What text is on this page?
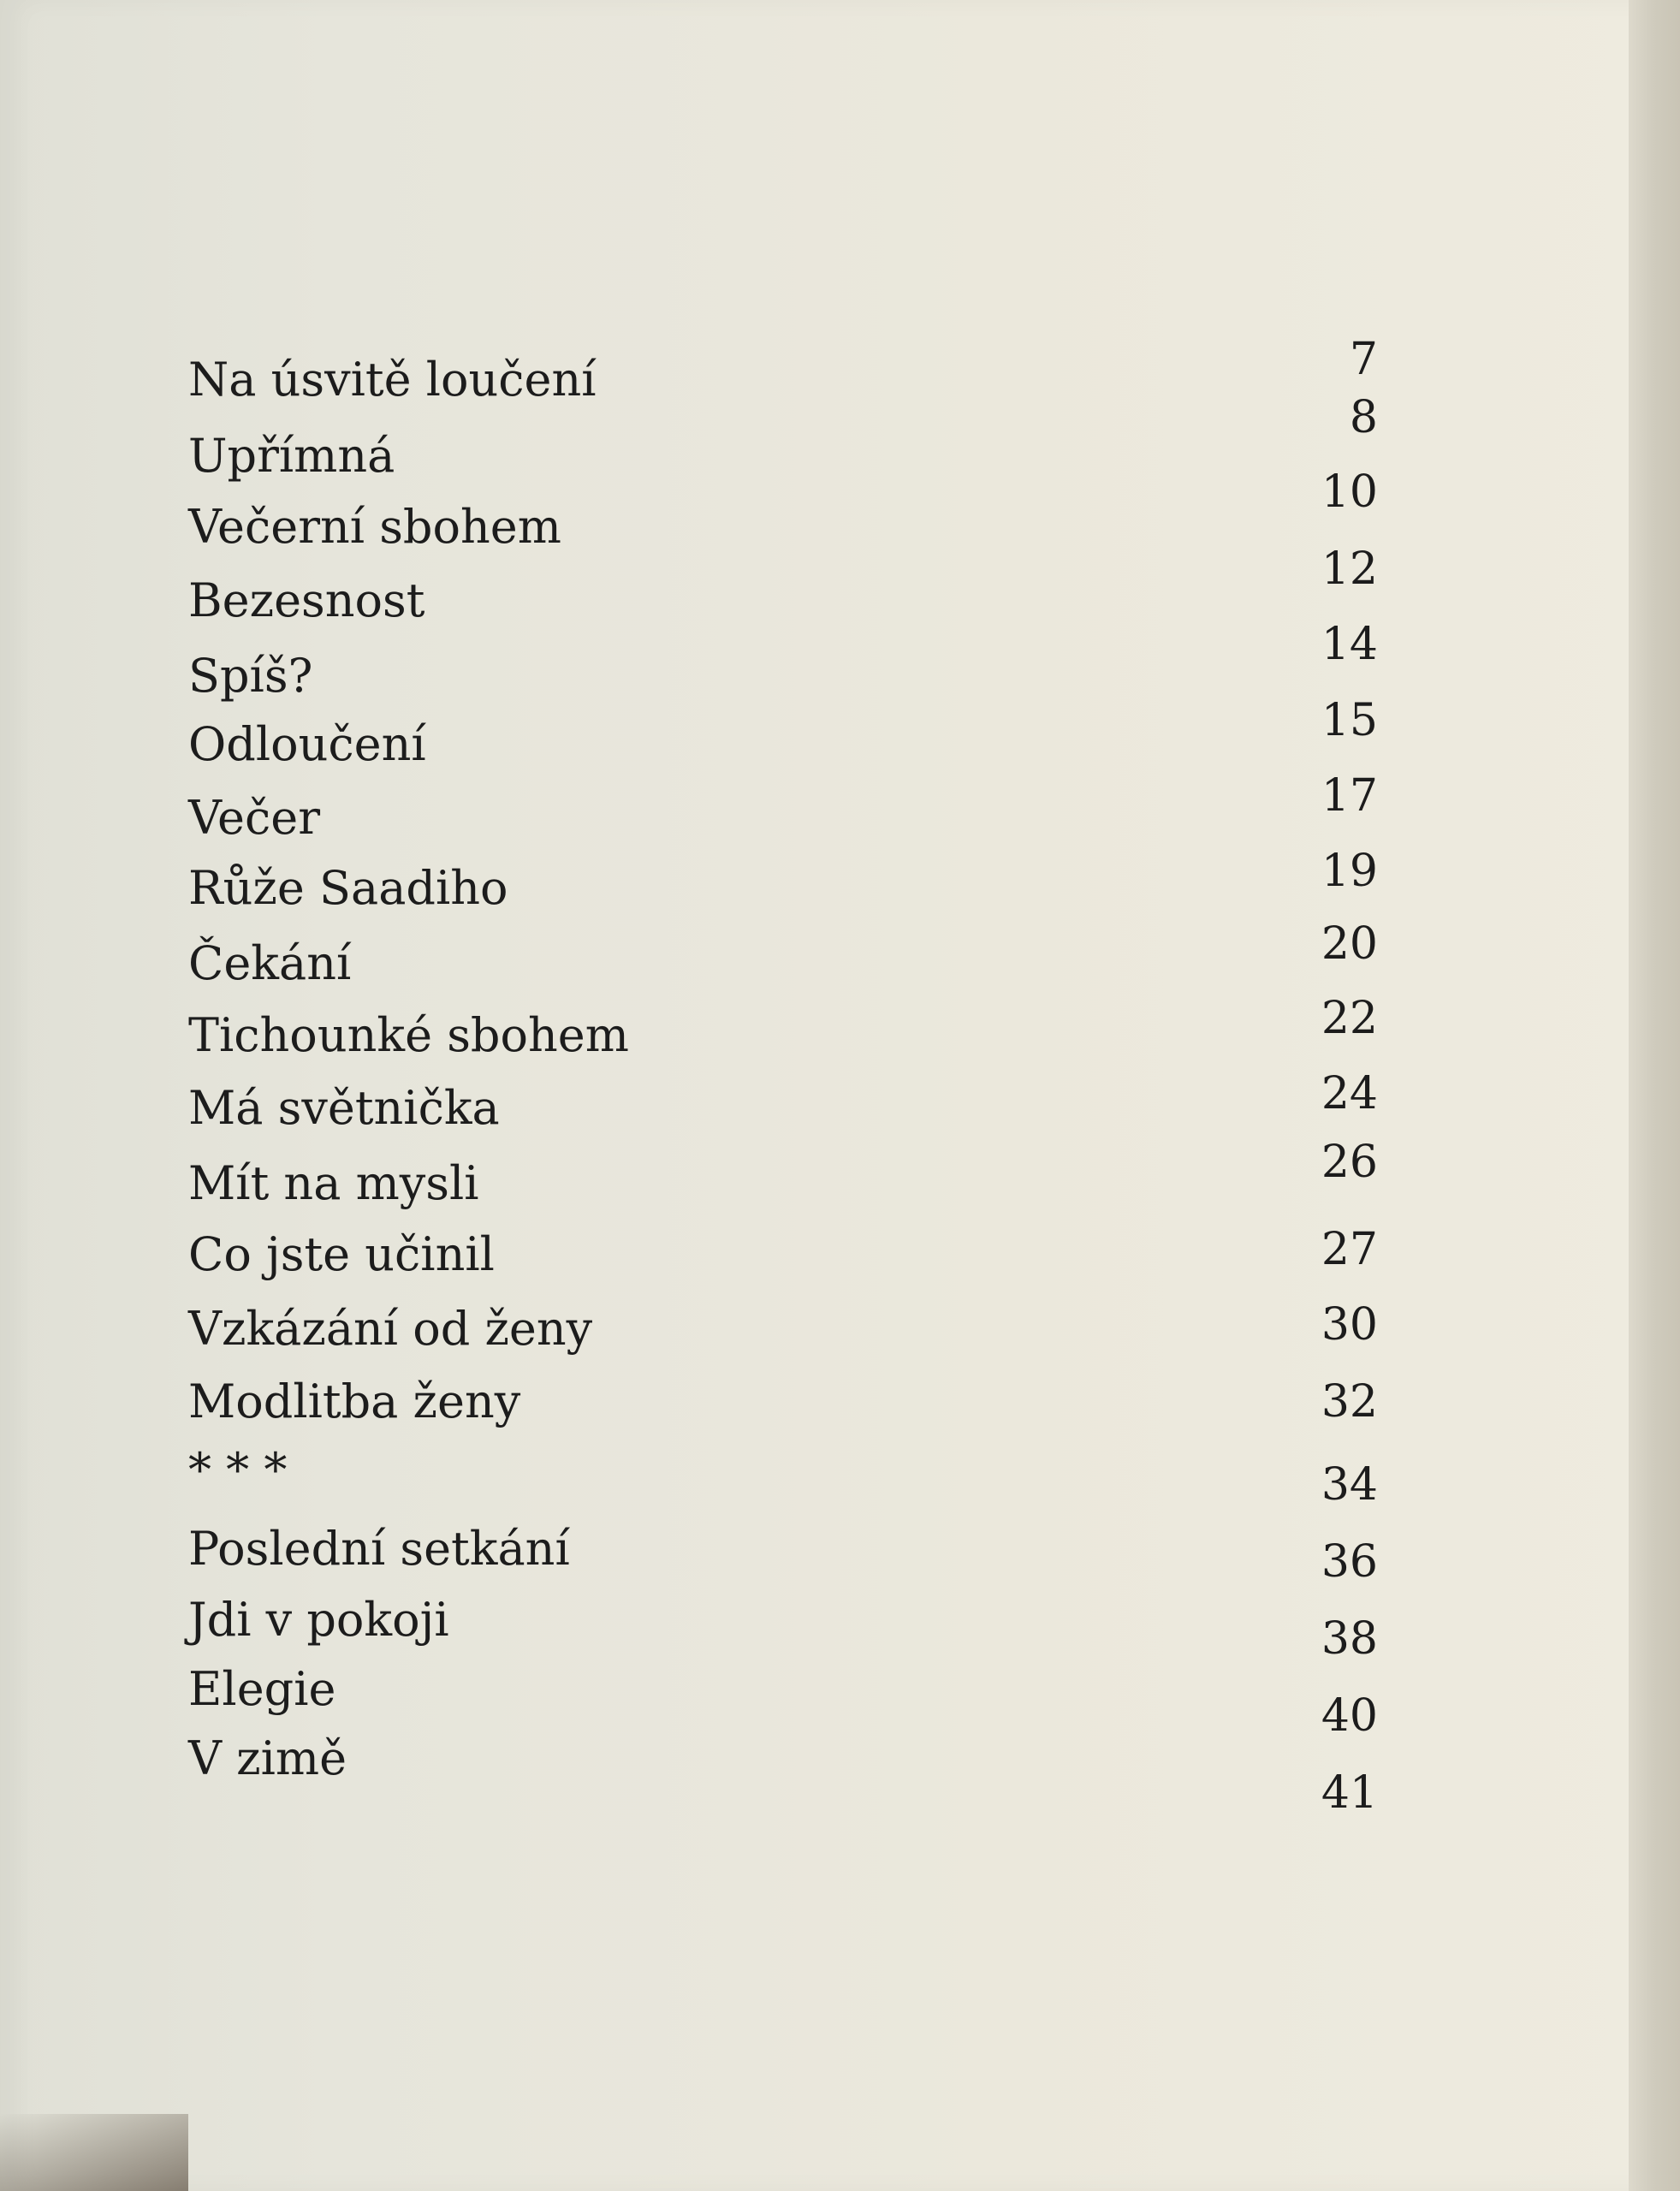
Na úsvitě loučení
Upřímná
Večerní sbohem
Bezesnost
Spíš?
Odloučení
Večer
Růže Saadiho
Čekání
Tichounké sbohem
Má světnička
Mít na mysli
Co jste učinil
Vzkázání od ženy
Modlitba ženy
* * *
Poslední setkání
Jdi v pokoji
Elegie
V zimě
7
8
10
12
14
15
17
19
20
22
24
26
27
30
32
34
36
38
40
41
